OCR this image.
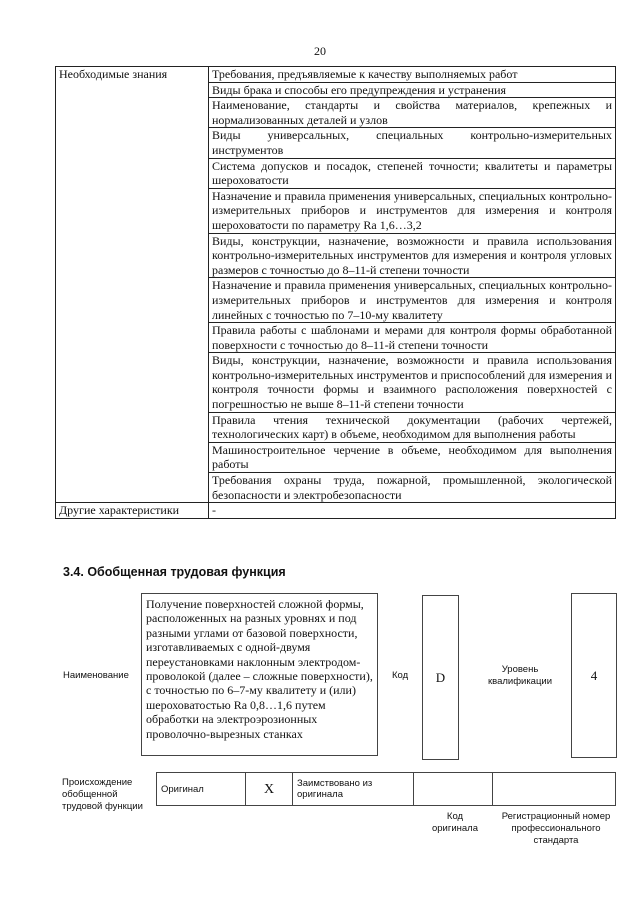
20
Необходимые знания	Требования, предъявляемые к качеству выполняемых работ
	Виды брака и способы его предупреждения и устранения
	Наименование, стандарты и свойства материалов, крепежных и нормализованных деталей и узлов
	Виды универсальных, специальных контрольно-измерительных инструментов
	Система допусков и посадок, степеней точности; квалитеты и параметры шероховатости
	Назначение и правила применения универсальных, специальных контрольно-измерительных приборов и инструментов для измерения и контроля шероховатости по параметру Ra 1,6…3,2
	Виды, конструкции, назначение, возможности и правила использования контрольно-измерительных инструментов для измерения и контроля угловых размеров с точностью до 8–11-й степени точности
	Назначение и правила применения универсальных, специальных контрольно-измерительных приборов и инструментов для измерения и контроля линейных с точностью по 7–10-му квалитету
	Правила работы с шаблонами и мерами для контроля формы обработанной поверхности с точностью до 8–11-й степени точности
	Виды, конструкции, назначение, возможности и правила использования контрольно-измерительных инструментов и приспособлений для измерения и контроля точности формы и взаимного расположения поверхностей с погрешностью не выше 8–11-й степени точности
	Правила чтения технической документации (рабочих чертежей, технологических карт) в объеме, необходимом для выполнения работы
	Машиностроительное черчение в объеме, необходимом для выполнения работы
	Требования охраны труда, пожарной, промышленной, экологической безопасности и электробезопасности
Другие характеристики	-
3.4. Обобщенная трудовая функция
Наименование
Получение поверхностей сложной формы, расположенных на разных уровнях и под разными углами от базовой поверхности, изготавливаемых с одной-двумя переустановками наклонным электродом-проволокой (далее – сложные поверхности), с точностью по 6–7-му квалитету и (или) шероховатостью Ra 0,8…1,6 путем обработки на электроэрозионных проволочно-вырезных станках
Код D	Уровень квалификации	4
Происхождение обобщенной трудовой функции
Оригинал	X	Заимствовано из оригинала		
Код оригинала
Регистрационный номер профессионального стандарта
